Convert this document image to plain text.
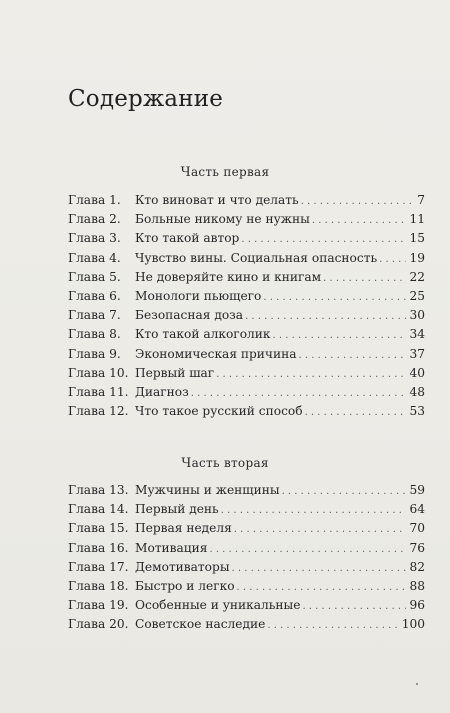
Содержание
Часть первая
Глава 1.	Кто виноват и что делать . . .	7
Глава 2.	Больные никому не нужны . . .	11
Глава 3.	Кто такой автор . . .	15
Глава 4.	Чувство вины. Социальная опасность . . .	19
Глава 5.	Не доверяйте кино и книгам . . .	22
Глава 6.	Монологи пьющего . . .	25
Глава 7.	Безопасная доза . . .	30
Глава 8.	Кто такой алкоголик . . .	34
Глава 9.	Экономическая причина . . .	37
Глава 10. Первый шаг . . .	40
Глава 11. Диагноз . . .	48
Глава 12. Что такое русский способ . . .	53
Часть вторая
Глава 13. Мужчины и женщины . . .	59
Глава 14. Первый день . . .	64
Глава 15. Первая неделя . . .	70
Глава 16. Мотивация . . .	76
Глава 17. Демотиваторы . . .	82
Глава 18. Быстро и легко . . .	88
Глава 19. Особенные и уникальные . . .	96
Глава 20. Советское наследие . . .	100
